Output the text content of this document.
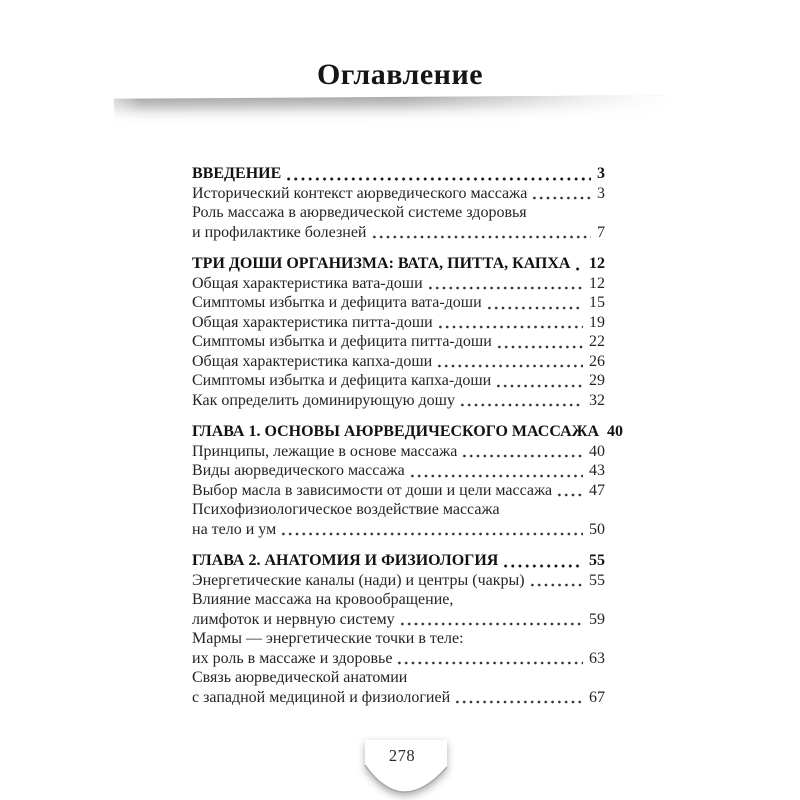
Оглавление
ВВЕДЕНИЕ	3
Исторический контекст аюрведического массажа	3
Роль массажа в аюрведической системе здоровья
и профилактике болезней	7
ТРИ ДОШИ ОРГАНИЗМА: ВАТА, ПИТТА, КАПХА 12
Общая характеристика вата-доши	12
Симптомы избытка и дефицита вата-доши	15
Общая характеристика питта-доши	19
Симптомы избытка и дефицита питта-доши	22
Общая характеристика капха-доши	26
Симптомы избытка и дефицита капха-доши	29
Как определить доминирующую дошу	32
ГЛАВА 1. ОСНОВЫ АЮРВЕДИЧЕСКОГО МАССАЖА 40
Принципы, лежащие в основе массажа	40
Виды аюрведического массажа	43
Выбор масла в зависимости от доши и цели массажа 47
Психофизиологическое воздействие массажа
на тело и ум	50
ГЛАВА 2. АНАТОМИЯ И ФИЗИОЛОГИЯ	55
Энергетические каналы (нади) и центры (чакры)	55
Влияние массажа на кровообращение,
лимфоток и нервную систему	59
Мармы — энергетические точки в теле:
их роль в массаже и здоровье	63
Связь аюрведической анатомии
с западной медициной и физиологией	67
278
